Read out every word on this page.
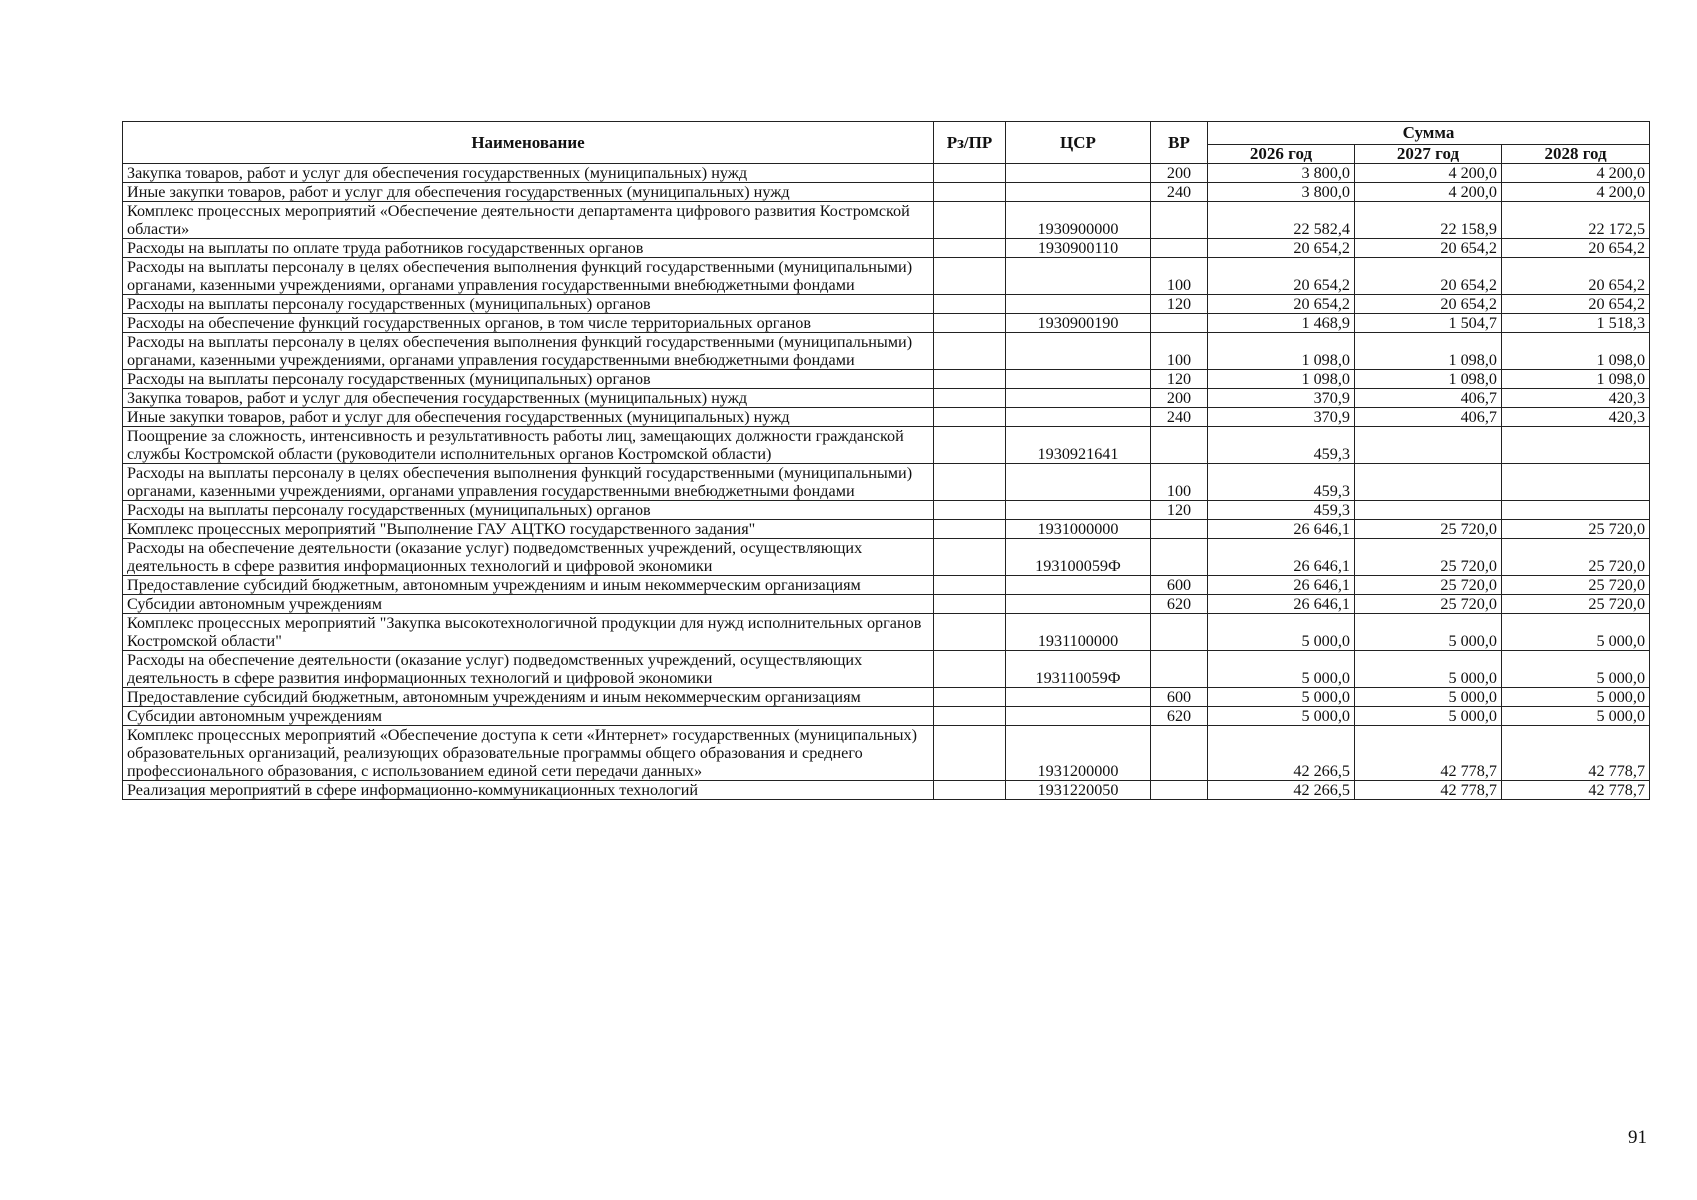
Наименование	Рз/ПР	ЦСР	ВР	Сумма		
				2026 год	2027 год	2028 год
Закупка товаров, работ и услуг для обеспечения государственных (муниципальных) нужд			200	3 800,0	4 200,0	4 200,0
Иные закупки товаров, работ и услуг для обеспечения государственных (муниципальных) нужд			240	3 800,0	4 200,0	4 200,0
Комплекс процессных мероприятий «Обеспечение деятельности департамента цифрового развития Костромской области»		1930900000		22 582,4	22 158,9	22 172,5
Расходы на выплаты по оплате труда работников государственных органов		1930900110		20 654,2	20 654,2	20 654,2
Расходы на выплаты персоналу в целях обеспечения выполнения функций государственными (муниципальными) органами, казенными учреждениями, органами управления государственными внебюджетными фондами			100	20 654,2	20 654,2	20 654,2
Расходы на выплаты персоналу государственных (муниципальных) органов			120	20 654,2	20 654,2	20 654,2
Расходы на обеспечение функций государственных органов, в том числе территориальных органов		1930900190		1 468,9	1 504,7	1 518,3
Расходы на выплаты персоналу в целях обеспечения выполнения функций государственными (муниципальными) органами, казенными учреждениями, органами управления государственными внебюджетными фондами			100	1 098,0	1 098,0	1 098,0
Расходы на выплаты персоналу государственных (муниципальных) органов			120	1 098,0	1 098,0	1 098,0
Закупка товаров, работ и услуг для обеспечения государственных (муниципальных) нужд			200	370,9	406,7	420,3
Иные закупки товаров, работ и услуг для обеспечения государственных (муниципальных) нужд			240	370,9	406,7	420,3
Поощрение за сложность, интенсивность и результативность работы лиц, замещающих должности гражданской службы Костромской области (руководители исполнительных органов Костромской области)		1930921641		459,3		
Расходы на выплаты персоналу в целях обеспечения выполнения функций государственными (муниципальными) органами, казенными учреждениями, органами управления государственными внебюджетными фондами			100	459,3		
Расходы на выплаты персоналу государственных (муниципальных) органов			120	459,3		
Комплекс процессных мероприятий "Выполнение ГАУ АЦТКО государственного задания"		1931000000		26 646,1	25 720,0	25 720,0
Расходы на обеспечение деятельности (оказание услуг) подведомственных учреждений, осуществляющих деятельность в сфере развития информационных технологий и цифровой экономики		193100059Ф		26 646,1	25 720,0	25 720,0
Предоставление субсидий бюджетным, автономным учреждениям и иным некоммерческим организациям			600	26 646,1	25 720,0	25 720,0
Субсидии автономным учреждениям			620	26 646,1	25 720,0	25 720,0
Комплекс процессных мероприятий "Закупка высокотехнологичной продукции для нужд исполнительных органов Костромской области"		1931100000		5 000,0	5 000,0	5 000,0
Расходы на обеспечение деятельности (оказание услуг) подведомственных учреждений, осуществляющих деятельность в сфере развития информационных технологий и цифровой экономики		193110059Ф		5 000,0	5 000,0	5 000,0
Предоставление субсидий бюджетным, автономным учреждениям и иным некоммерческим организациям			600	5 000,0	5 000,0	5 000,0
Субсидии автономным учреждениям			620	5 000,0	5 000,0	5 000,0
Комплекс процессных мероприятий «Обеспечение доступа к сети «Интернет» государственных (муниципальных) образовательных организаций, реализующих образовательные программы общего образования и среднего профессионального образования, с использованием единой сети передачи данных»		1931200000		42 266,5	42 778,7	42 778,7
Реализация мероприятий в сфере информационно-коммуникационных технологий		1931220050		42 266,5	42 778,7	42 778,7
91
